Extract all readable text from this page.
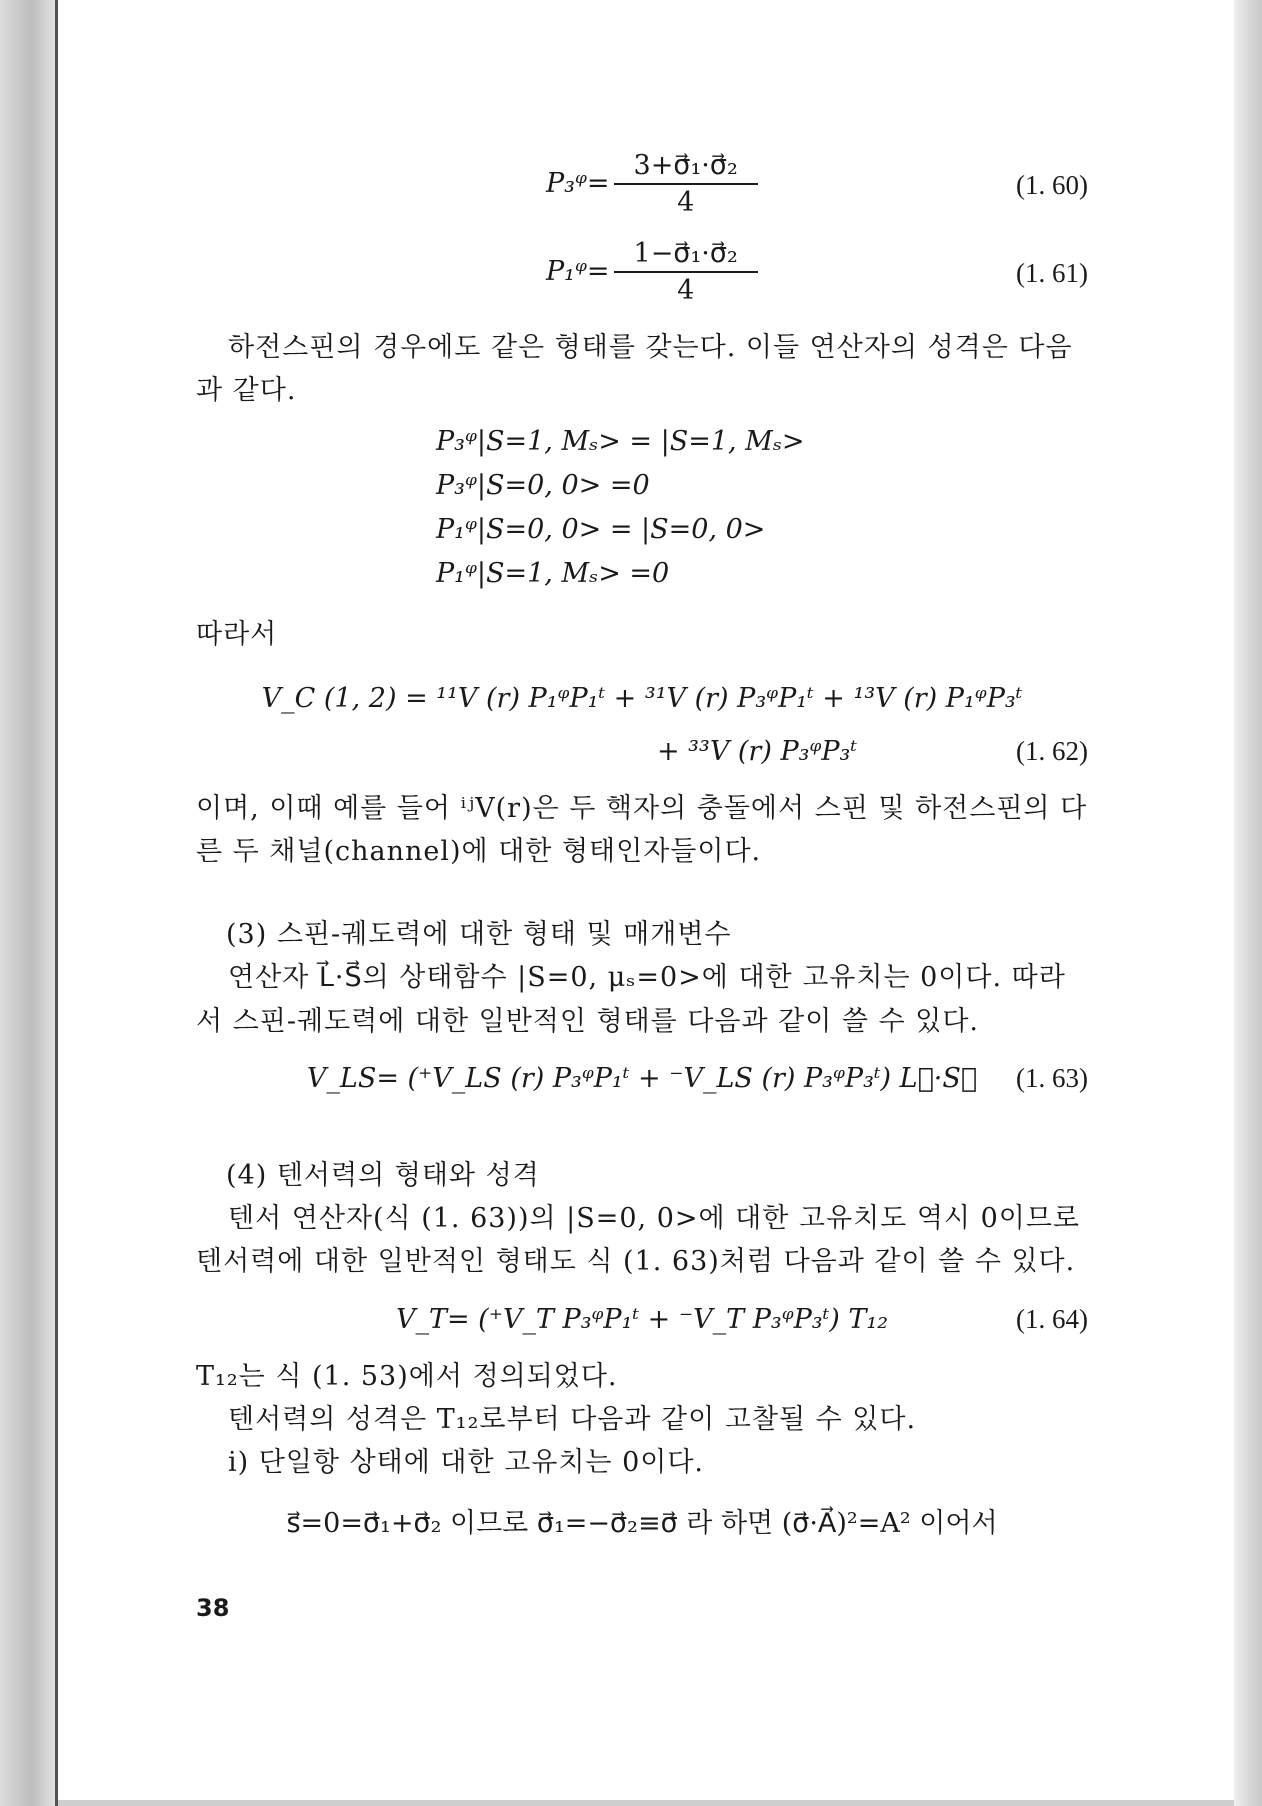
P₃ᵠ= $\frac{\text{3+σ⃗₁·σ⃗₂}}{4}$	(1. 60)
P₁ᵠ= $\frac{\text{1−σ⃗₁·σ⃗₂}}{4}$	(1. 61)

하전스핀의 경우에도 같은 형태를 갖는다. 이들 연산자의 성격은 다음과 같다.

P₃ᵠ|S=1, Mₛ> = |S=1, Mₛ>
P₃ᵠ|S=0, 0> =0
P₁ᵠ|S=0, 0> = |S=0, 0>
P₁ᵠ|S=1, Mₛ> =0

따라서

V_C (1, 2) = ¹¹V (r) P₁ᵠP₁ᵗ + ³¹V (r) P₃ᵠP₁ᵗ + ¹³V (r) P₁ᵠP₃ᵗ
+ ³³V (r) P₃ᵠP₃ᵗ	(1. 62)

이며, 이때 예를 들어 ⁱʲV(r)은 두 핵자의 충돌에서 스핀 및 하전스핀의 다른 두 채널(channel)에 대한 형태인자들이다.

(3) 스핀-궤도력에 대한 형태 및 매개변수

연산자 L⃗·S⃗의 상태함수 |S=0, μₛ=0>에 대한 고유치는 0이다. 따라서 스핀-궤도력에 대한 일반적인 형태를 다음과 같이 쓸 수 있다.

V_LS= (⁺V_LS (r) P₃ᵠP₁ᵗ + ⁻V_LS (r) P₃ᵠP₃ᵗ) L⃗·S⃗ (1. 63)

(4) 텐서력의 형태와 성격

텐서 연산자(식 (1. 63))의 |S=0, 0>에 대한 고유치도 역시 0이므로 텐서력에 대한 일반적인 형태도 식 (1. 63)처럼 다음과 같이 쓸 수 있다.

V_T= (⁺V_T P₃ᵠP₁ᵗ + ⁻V_T P₃ᵠP₃ᵗ) T₁₂	(1. 64)

T₁₂는 식 (1. 53)에서 정의되었다.

텐서력의 성격은 T₁₂로부터 다음과 같이 고찰될 수 있다.

i) 단일항 상태에 대한 고유치는 0이다.

s⃗=0=σ⃗₁+σ⃗₂ 이므로 σ⃗₁=−σ⃗₂≡σ⃗ 라 하면 (σ⃗·A⃗)²=A² 이어서
38
